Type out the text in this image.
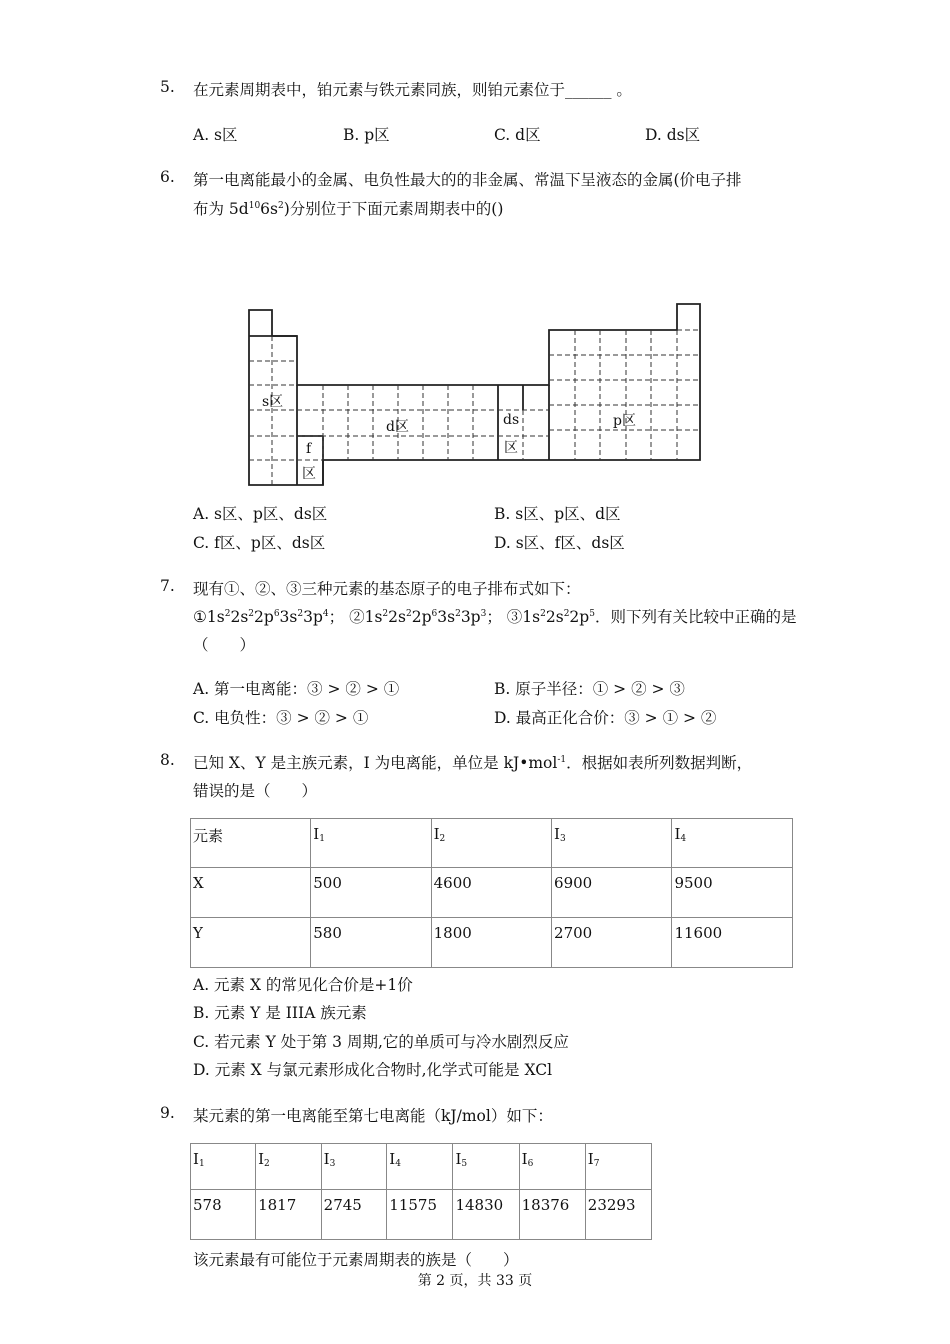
5. 在元素周期表中，铂元素与铁元素同族，则铂元素位于______ 。
A. s区	B. p区	C. d区	D. ds区
6. 第一电离能最小的金属、电负性最大的的非金属、常温下呈液态的金属(价电子排
布为 $5d^{10}6s^2$)分别位于下面元素周期表中的()
s区
d区	ds
区
p区
f
区
A. s区、p区、ds区	B. s区、p区、d区
C. f区、p区、ds区	D. s区、f区、ds区
7. 现有①、②、③三种元素的基态原子的电子排布式如下：
$①1s^22s^22p^63s^23p^4$； $②1s^22s^22p^63s^23p^3$； $③1s^22s^22p^5$．则下列有关比较中正确的是
（　　）
A. 第一电离能：③ > ② > ①	B. 原子半径：① > ② > ③
C. 电负性：③ > ② > ①	D. 最高正化合价：③ > ① > ②
8. 已知 X、Y 是主族元素，I 为电离能，单位是 kJ•mol$^{-1}$．根据如表所列数据判断，
错误的是（　　）
元素	$I_1$	$I_2$	$I_3$	$I_4$
X	500	4600	6900	9500
Y	580	1800	2700	11600
A. 元素 X 的常见化合价是+1价
B. 元素 Y 是 IIIA 族元素
C. 若元素 Y 处于第 3 周期,它的单质可与冷水剧烈反应
D. 元素 X 与氯元素形成化合物时,化学式可能是 XCl
9. 某元素的第一电离能至第七电离能（kJ/mol）如下：
$I_1$	$I_2$	$I_3$	$I_4$	$I_5$	$I_6$	$I_7$
578	1817	2745	11575	14830	18376	23293
该元素最有可能位于元素周期表的族是（　　）
第 2 页，共 33 页
